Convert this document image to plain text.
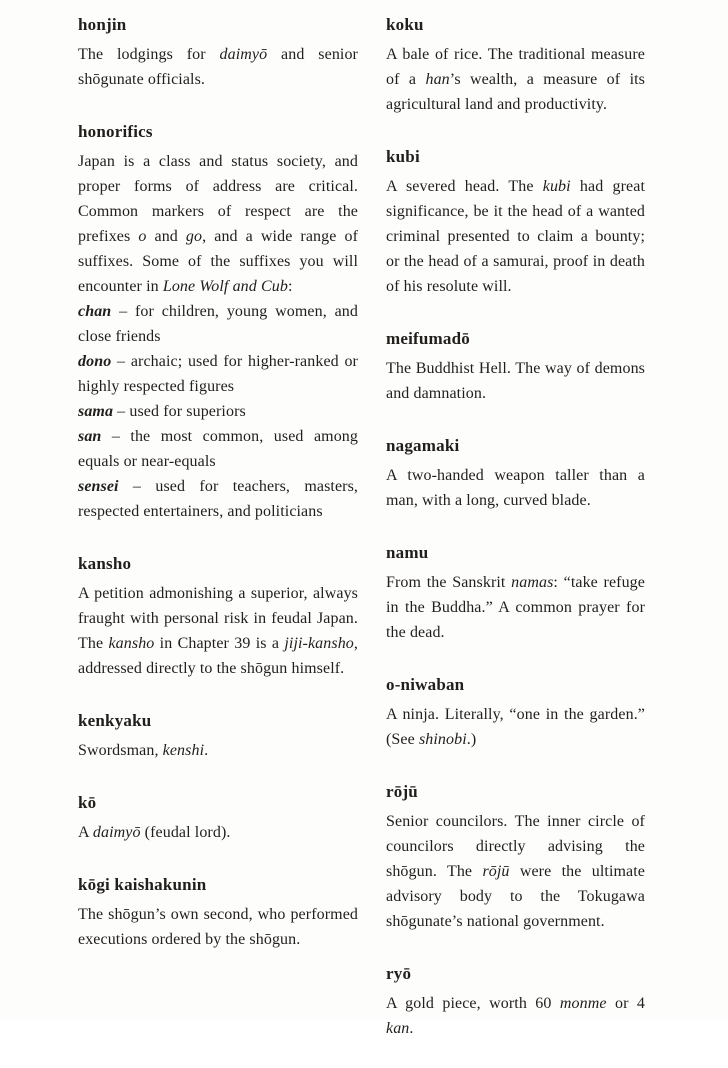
honjin

The lodgings for daimyō and senior shōgunate officials.

honorifics

Japan is a class and status society, and proper forms of address are critical. Common markers of respect are the prefixes o and go, and a wide range of suffixes. Some of the suffixes you will encounter in Lone Wolf and Cub:

chan – for children, young women, and close friends

dono – archaic; used for higher-ranked or highly respected figures

sama – used for superiors

san – the most common, used among equals or near-equals

sensei – used for teachers, masters, respected entertainers, and politicians

kansho

A petition admonishing a superior, always fraught with personal risk in feudal Japan. The kansho in Chapter 39 is a jiji-kansho, addressed directly to the shōgun himself.

kenkyaku

Swordsman, kenshi.

kō

A daimyō (feudal lord).

kōgi kaishakunin

The shōgun’s own second, who performed executions ordered by the shōgun.

koku

A bale of rice. The traditional measure of a han’s wealth, a measure of its agricultural land and productivity.

kubi

A severed head. The kubi had great significance, be it the head of a wanted criminal presented to claim a bounty; or the head of a samurai, proof in death of his resolute will.

meifumadō

The Buddhist Hell. The way of demons and damnation.

nagamaki

A two-handed weapon taller than a man, with a long, curved blade.

namu

From the Sanskrit namas: “take refuge in the Buddha.” A common prayer for the dead.

o-niwaban

A ninja. Literally, “one in the garden.” (See shinobi.)

rōjū

Senior councilors. The inner circle of councilors directly advising the shōgun. The rōjū were the ultimate advisory body to the Tokugawa shōgunate’s national government.

ryō

A gold piece, worth 60 monme or 4 kan.
